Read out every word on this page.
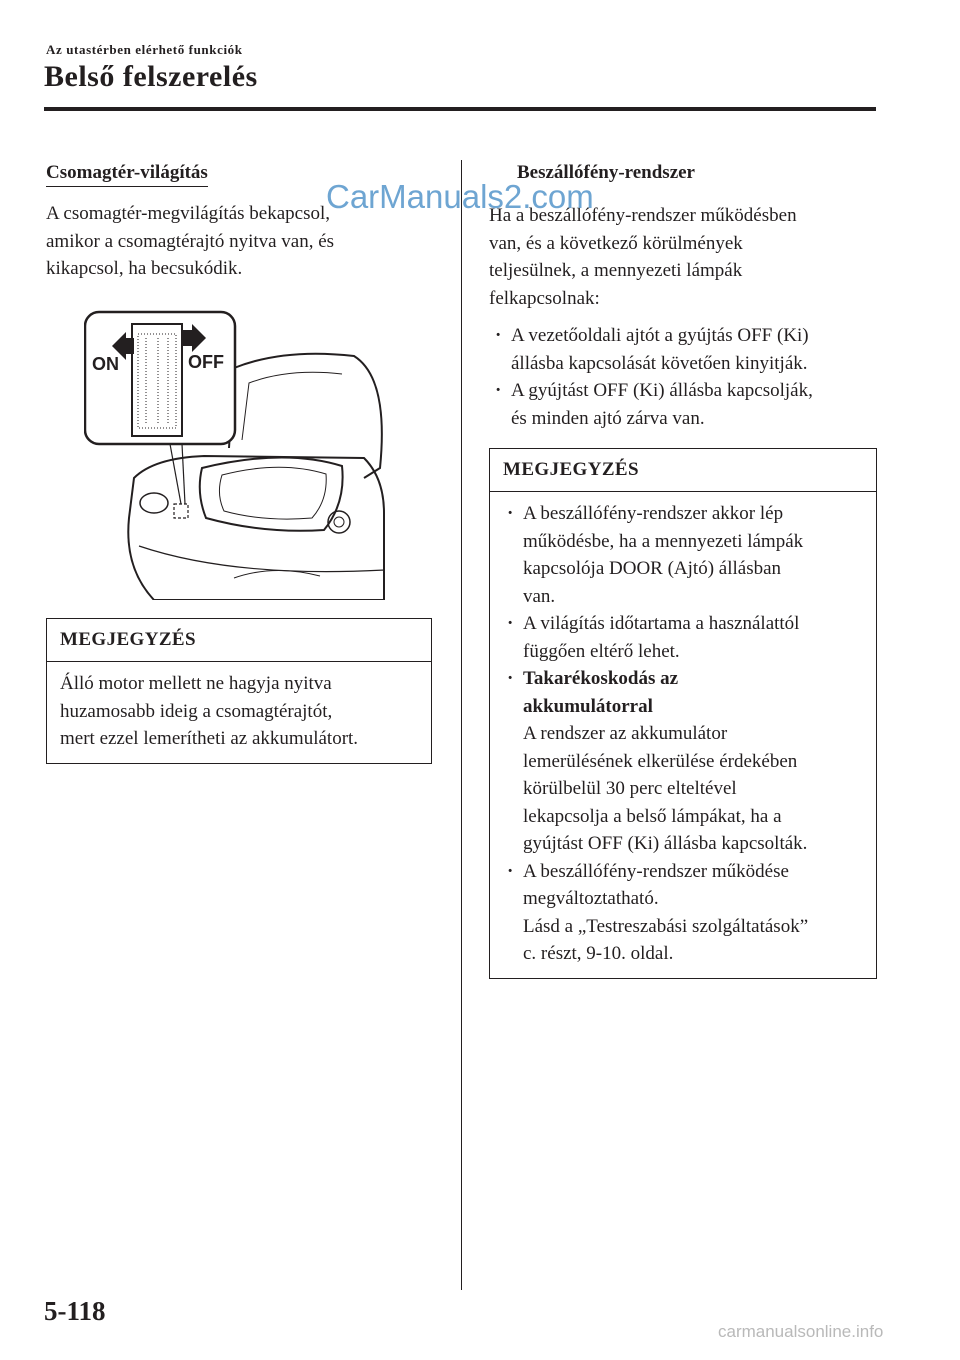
Az utastérben elérhető funkciók
Belső felszerelés
Csomagtér-világítás

A csomagtér-megvilágítás bekapcsol,

amikor a csomagtérajtó nyitva van, és

kikapcsol, ha becsukódik.

ON	OFF
MEGJEGYZÉS
Álló motor mellett ne hagyja nyitva
huzamosabb ideig a csomagtérajtót,
mert ezzel lemerítheti az akkumulátort.
Beszállófény-rendszer

Ha a beszállófény-rendszer működésben

van, és a következő körülmények

teljesülnek, a mennyezeti lámpák

felkapcsolnak:

· A vezetőoldali ajtót a gyújtás OFF (Ki)
állásba kapcsolását követően kinyitják.
· A gyújtást OFF (Ki) állásba kapcsolják,
és minden ajtó zárva van.
MEGJEGYZÉS
· A beszállófény-rendszer akkor lép
működésbe, ha a mennyezeti lámpák
kapcsolója DOOR (Ajtó) állásban
van.
· A világítás időtartama a használattól
függően eltérő lehet.
· Takarékoskodás az
akkumulátorral
A rendszer az akkumulátor
lemerülésének elkerülése érdekében
körülbelül 30 perc elteltével
lekapcsolja a belső lámpákat, ha a
gyújtást OFF (Ki) állásba kapcsolták.
· A beszállófény-rendszer működése
megváltoztatható.
Lásd a „Testreszabási szolgáltatások”
c. részt, 9-10. oldal.
CarManuals2.com
5-118
carmanualsonline.info
